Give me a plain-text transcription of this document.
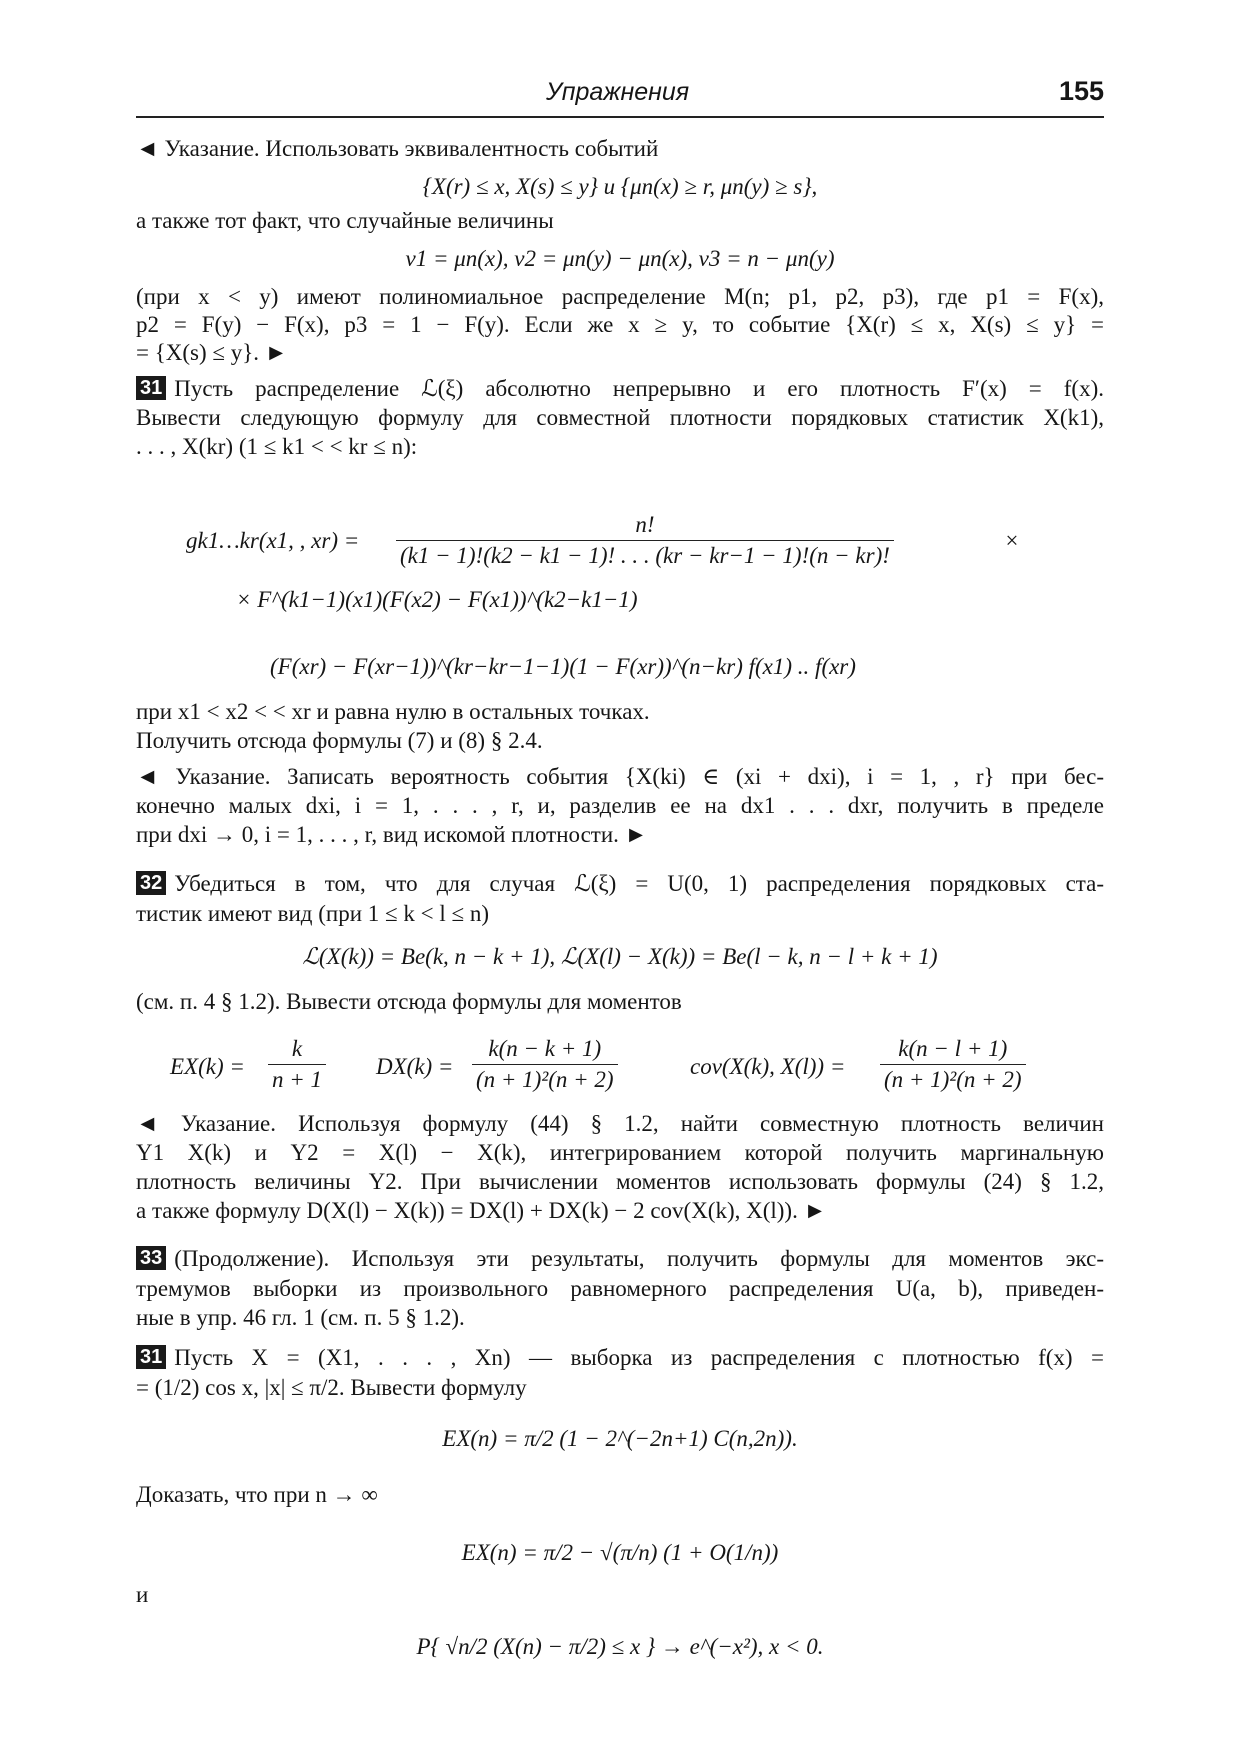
Упражнения	155
◄ Указание. Использовать эквивалентность событий
{X(r) ≤ x, X(s) ≤ y} и {μn(x) ≥ r, μn(y) ≥ s},
а также тот факт, что случайные величины
ν1 = μn(x), ν2 = μn(y) − μn(x), ν3 = n − μn(y)
(при x < y) имеют полиномиальное распределение M(n; p1, p2, p3), где p1 = F(x),
p2 = F(y) − F(x), p3 = 1 − F(y). Если же x ≥ y, то событие {X(r) ≤ x, X(s) ≤ y} =
= {X(s) ≤ y}. ►
31 Пусть распределение ℒ(ξ) абсолютно непрерывно и его плотность F′(x) = f(x).
Вывести следующую формулу для совместной плотности порядковых статистик X(k1),
. . . , X(kr) (1 ≤ k1 < < kr ≤ n):
gk1…kr(x1, , $xr) = \frac{n!}{(k1 - 1)!(k2 - k1 - 1)! . . . (kr - kr-1 - 1)!(n - kr)!}$	×
× F^(k1−1)(x1)(F(x2) − F(x1))^(k2−k1−1)
(F(xr) − F(xr−1))^(kr−kr−1−1)(1 − F(xr))^(n−kr) f(x1) .. f(xr)
при x1 < x2 < < xr и равна нулю в остальных точках.
Получить отсюда формулы (7) и (8) § 2.4.
◄ Указание. Записать вероятность события {X(ki) ∈ (xi + dxi), i = 1, , r} при бес-
конечно малых dxi, i = 1, . . . , r, и, разделив ее на dx1 . . . dxr, получить в пределе
при dxi → 0, i = 1, . . . , r, вид искомой плотности. ►
32 Убедиться в том, что для случая ℒ(ξ) = U(0, 1) распределения порядковых ста-
тистик имеют вид (при 1 ≤ k < l ≤ n)
ℒ(X(k)) = Be(k, n − k + 1), ℒ(X(l) − X(k)) = Be(l − k, n − l + k + 1)
(см. п. 4 § 1.2). Вывести отсюда формулы для моментов
$EX(k) = \frac{k}{n + 1} DX(k) = \frac{k(n - k + 1)}{\text{(n + 1)²(n + 2)}}$	cov(X(k), $X(l)) = \frac{k(n - l + 1)}{\text{(n + 1)²(n + 2)}}$
◄ Указание. Используя формулу (44) § 1.2, найти совместную плотность величин
Y1 X(k) и Y2 = X(l) − X(k), интегрированием которой получить маргинальную
плотность величины Y2. При вычислении моментов использовать формулы (24) § 1.2,
а также формулу D(X(l) − X(k)) = DX(l) + DX(k) − 2 cov(X(k), X(l)). ►
33 (Продолжение). Используя эти результаты, получить формулы для моментов экс-
тремумов выборки из произвольного равномерного распределения U(a, b), приведен-
ные в упр. 46 гл. 1 (см. п. 5 § 1.2).
31 Пусть X = (X1, . . . , Xn) — выборка из распределения с плотностью f(x) =
= (1/2) cos x, |x| ≤ π/2. Вывести формулу
EX(n) = π/2 (1 − 2^(−2n+1) C(n,2n)).
Доказать, что при n → ∞
EX(n) = π/2 − √(π/n) (1 + O(1/n))
и
P{ √n/2 (X(n) − π/2) ≤ x } → e^(−x²), x < 0.
